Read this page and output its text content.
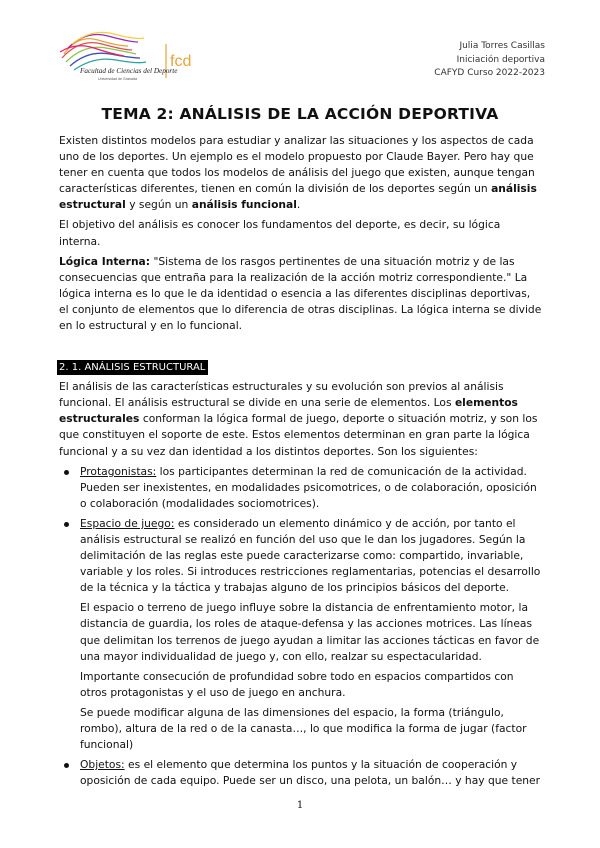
Facultad de Ciencias del Deporte
Universidad de Granada
fcd
Julia Torres Casillas
Iniciación deportiva
CAFYD Curso 2022-2023
TEMA 2: ANÁLISIS DE LA ACCIÓN DEPORTIVA

Existen distintos modelos para estudiar y analizar las situaciones y los aspectos de cada uno de los deportes. Un ejemplo es el modelo propuesto por Claude Bayer. Pero hay que tener en cuenta que todos los modelos de análisis del juego que existen, aunque tengan características diferentes, tienen en común la división de los deportes según un análisis estructural y según un análisis funcional.

El objetivo del análisis es conocer los fundamentos del deporte, es decir, su lógica interna.

Lógica Interna: "Sistema de los rasgos pertinentes de una situación motriz y de las consecuencias que entraña para la realización de la acción motriz correspondiente." La lógica interna es lo que le da identidad o esencia a las diferentes disciplinas deportivas, el conjunto de elementos que lo diferencia de otras disciplinas. La lógica interna se divide en lo estructural y en lo funcional.

2. 1. ANÁLISIS ESTRUCTURAL

El análisis de las características estructurales y su evolución son previos al análisis funcional. El análisis estructural se divide en una serie de elementos. Los elementos estructurales conforman la lógica formal de juego, deporte o situación motriz, y son los que constituyen el soporte de este. Estos elementos determinan en gran parte la lógica funcional y a su vez dan identidad a los distintos deportes. Son los siguientes:

Protagonistas: los participantes determinan la red de comunicación de la actividad. Pueden ser inexistentes, en modalidades psicomotrices, o de colaboración, oposición o colaboración (modalidades sociomotrices).

Espacio de juego: es considerado un elemento dinámico y de acción, por tanto el análisis estructural se realizó en función del uso que le dan los jugadores. Según la delimitación de las reglas este puede caracterizarse como: compartido, invariable, variable y los roles. Si introduces restricciones reglamentarias, potencias el desarrollo de la técnica y la táctica y trabajas alguno de los principios básicos del deporte.

El espacio o terreno de juego influye sobre la distancia de enfrentamiento motor, la distancia de guardia, los roles de ataque-defensa y las acciones motrices. Las líneas que delimitan los terrenos de juego ayudan a limitar las acciones tácticas en favor de una mayor individualidad de juego y, con ello, realzar su espectacularidad.

Importante consecución de profundidad sobre todo en espacios compartidos con otros protagonistas y el uso de juego en anchura.

Se puede modificar alguna de las dimensiones del espacio, la forma (triángulo, rombo), altura de la red o de la canasta…, lo que modifica la forma de jugar (factor funcional)

Objetos: es el elemento que determina los puntos y la situación de cooperación y oposición de cada equipo. Puede ser un disco, una pelota, un balón… y hay que tener

1
